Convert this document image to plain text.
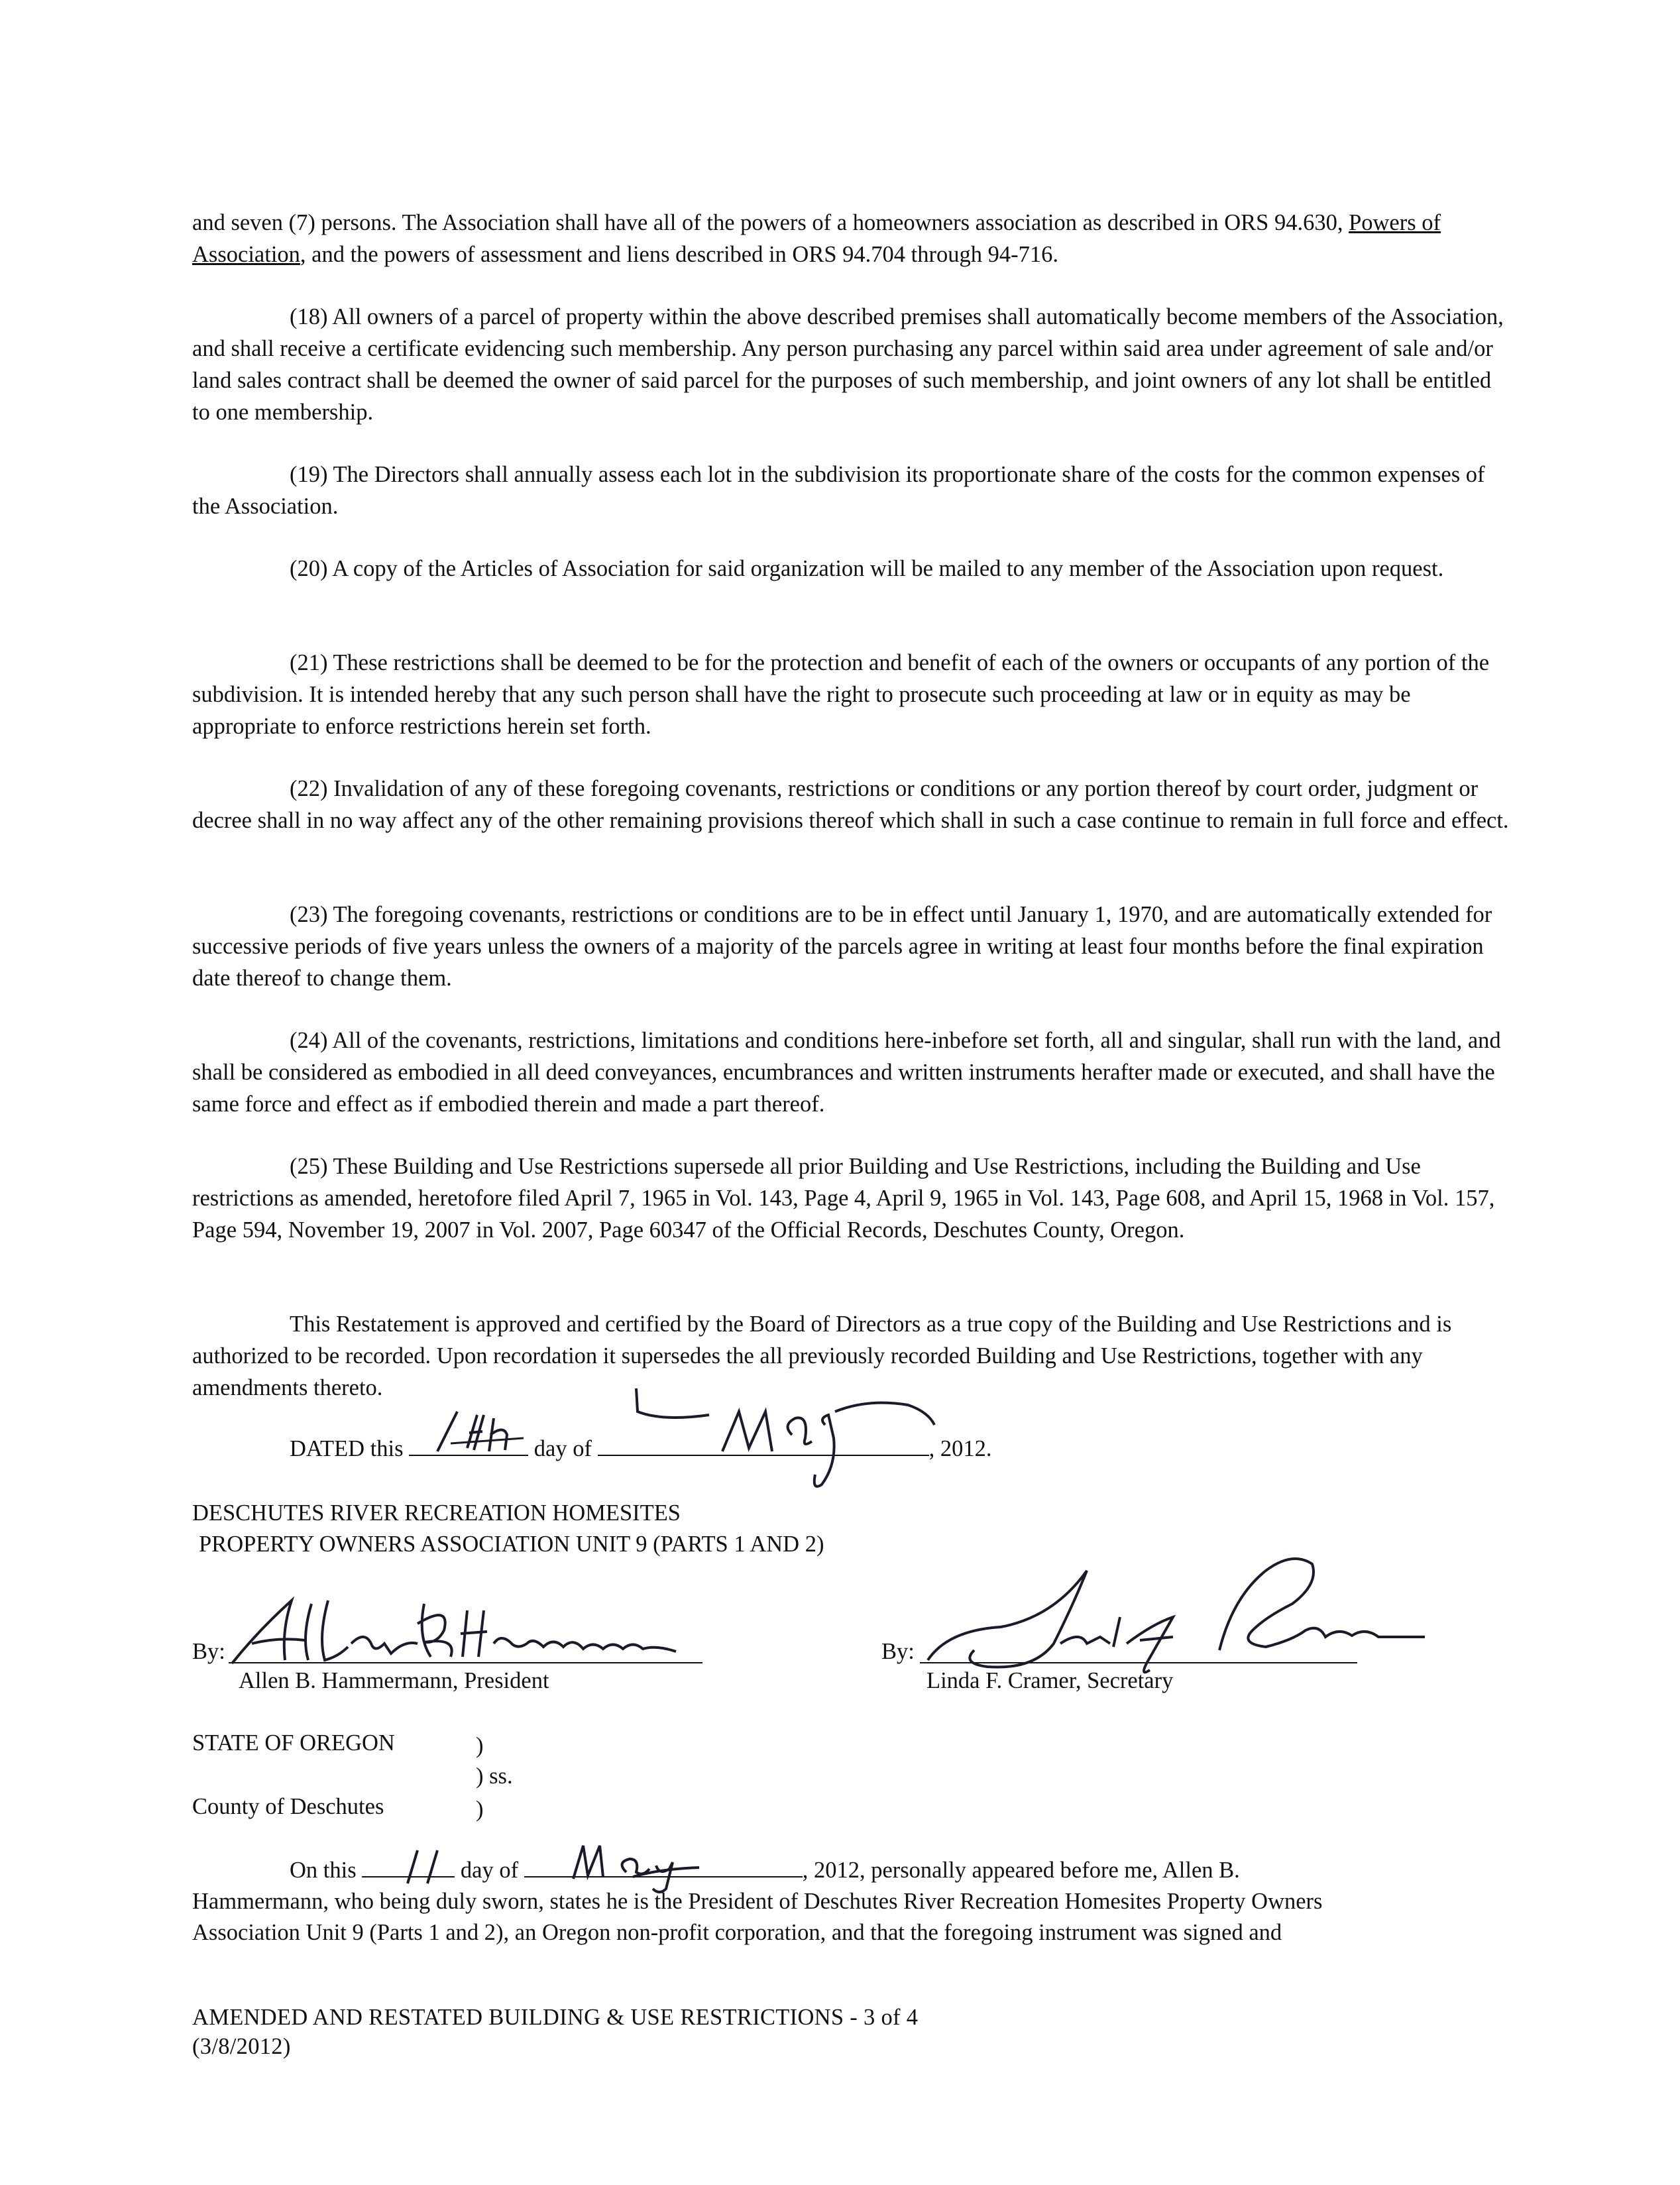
and seven (7) persons. The Association shall have all of the powers of a homeowners association as described in ORS 94.630, Powers of Association, and the powers of assessment and liens described in ORS 94.704 through 94-716.

(18) All owners of a parcel of property within the above described premises shall automatically become members of the Association, and shall receive a certificate evidencing such membership. Any person purchasing any parcel within said area under agreement of sale and/or land sales contract shall be deemed the owner of said parcel for the purposes of such membership, and joint owners of any lot shall be entitled to one membership.

(19) The Directors shall annually assess each lot in the subdivision its proportionate share of the costs for the common expenses of the Association.

(20) A copy of the Articles of Association for said organization will be mailed to any member of the Association upon request.

(21) These restrictions shall be deemed to be for the protection and benefit of each of the owners or occupants of any portion of the subdivision. It is intended hereby that any such person shall have the right to prosecute such proceeding at law or in equity as may be appropriate to enforce restrictions herein set forth.

(22) Invalidation of any of these foregoing covenants, restrictions or conditions or any portion thereof by court order, judgment or decree shall in no way affect any of the other remaining provisions thereof which shall in such a case continue to remain in full force and effect.

(23) The foregoing covenants, restrictions or conditions are to be in effect until January 1, 1970, and are automatically extended for successive periods of five years unless the owners of a majority of the parcels agree in writing at least four months before the final expiration date thereof to change them.

(24) All of the covenants, restrictions, limitations and conditions here-inbefore set forth, all and singular, shall run with the land, and shall be considered as embodied in all deed conveyances, encumbrances and written instruments herafter made or executed, and shall have the same force and effect as if embodied therein and made a part thereof.

(25) These Building and Use Restrictions supersede all prior Building and Use Restrictions, including the Building and Use restrictions as amended, heretofore filed April 7, 1965 in Vol. 143, Page 4, April 9, 1965 in Vol. 143, Page 608, and April 15, 1968 in Vol. 157, Page 594, November 19, 2007 in Vol. 2007, Page 60347 of the Official Records, Deschutes County, Oregon.

This Restatement is approved and certified by the Board of Directors as a true copy of the Building and Use Restrictions and is authorized to be recorded. Upon recordation it supersedes the all previously recorded Building and Use Restrictions, together with any amendments thereto.

DATED this	day of	, 2012.
DESCHUTES RIVER RECREATION HOMESITES
PROPERTY OWNERS ASSOCIATION UNIT 9 (PARTS 1 AND 2)
By:
Allen B. Hammermann, President
By:
Linda F. Cramer, Secretary
STATE OF OREGON	)
) ss.
County of Deschutes	)
On this	day of	, 2012, personally appeared before me, Allen B.
Hammermann, who being duly sworn, states he is the President of Deschutes River Recreation Homesites Property Owners
Association Unit 9 (Parts 1 and 2), an Oregon non-profit corporation, and that the foregoing instrument was signed and
AMENDED AND RESTATED BUILDING & USE RESTRICTIONS - 3 of 4
(3/8/2012)
